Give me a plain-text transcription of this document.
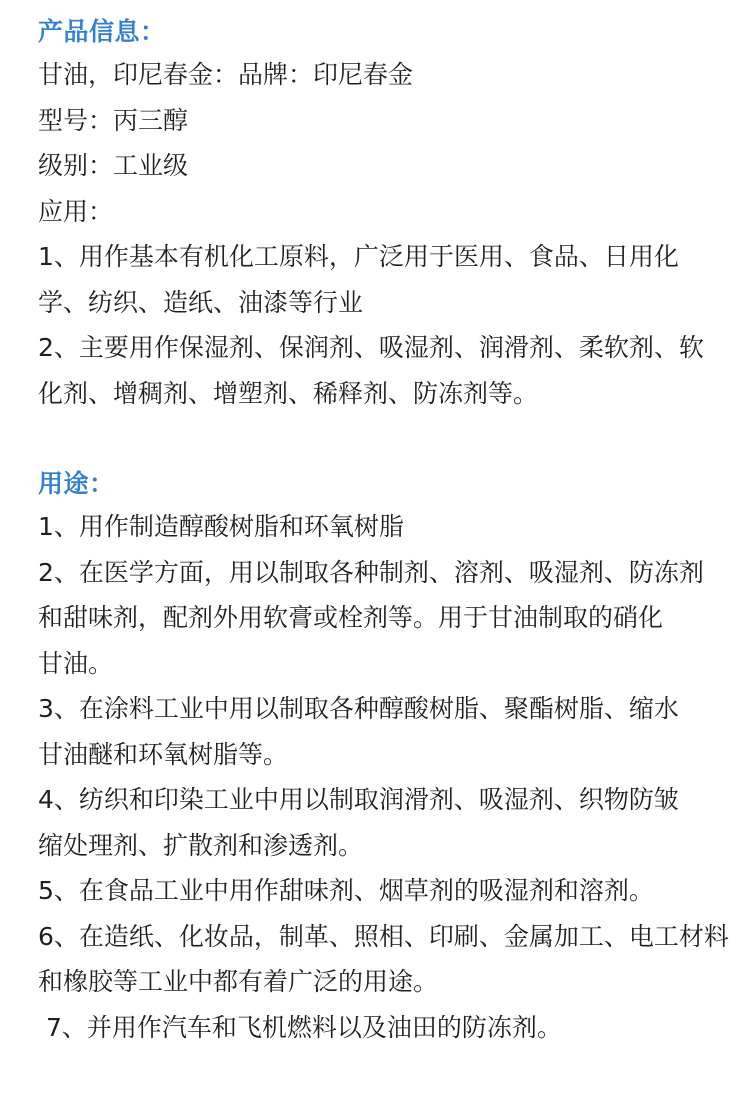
产品信息：

甘油，印尼春金：品牌：印尼春金

型号：丙三醇

级别：工业级

应用：

1、用作基本有机化工原料，广泛用于医用、食品、日用化

学、纺织、造纸、油漆等行业

2、主要用作保湿剂、保润剂、吸湿剂、润滑剂、柔软剂、软

化剂、增稠剂、增塑剂、稀释剂、防冻剂等。

用途：

1、用作制造醇酸树脂和环氧树脂

2、在医学方面，用以制取各种制剂、溶剂、吸湿剂、防冻剂

和甜味剂，配剂外用软膏或栓剂等。用于甘油制取的硝化

甘油。

3、在涂料工业中用以制取各种醇酸树脂、聚酯树脂、缩水

甘油醚和环氧树脂等。

4、纺织和印染工业中用以制取润滑剂、吸湿剂、织物防皱

缩处理剂、扩散剂和渗透剂。

5、在食品工业中用作甜味剂、烟草剂的吸湿剂和溶剂。

6、在造纸、化妆品，制革、照相、印刷、金属加工、电工材料

和橡胶等工业中都有着广泛的用途。

7、并用作汽车和飞机燃料以及油田的防冻剂。
